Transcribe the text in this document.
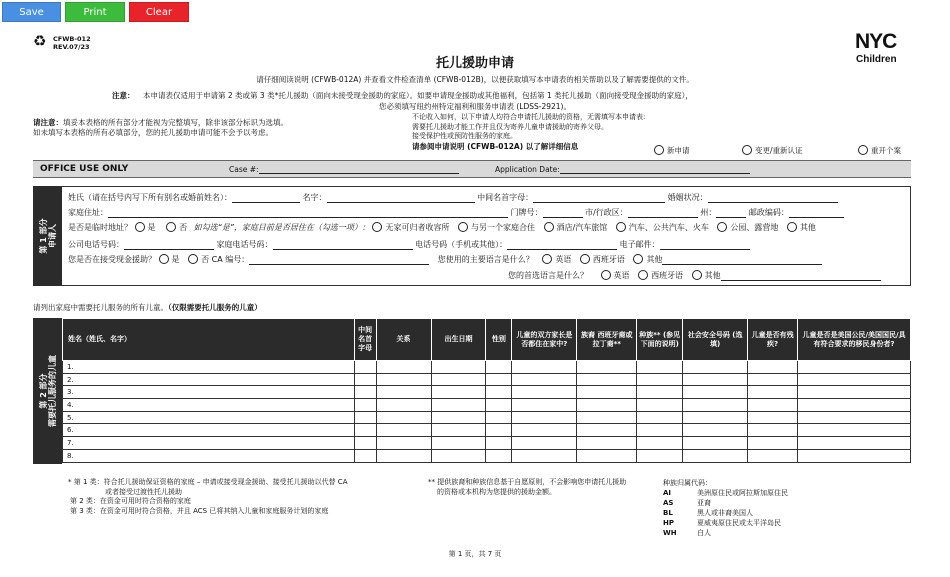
Save	Print	Clear
♻ CFWB-012
REV.07/23
托儿援助申请
NYC
Children
请仔细阅读说明 (CFWB-012A) 并查看文件检查清单 (CFWB-012B)，以便获取填写本申请表的相关帮助以及了解需要提供的文件。
注意： 本申请表仅适用于申请第 2 类或第 3 类*托儿援助（面向未接受现金援助的家庭）。如要申请现金援助或其他福利，包括第 1 类托儿援助（面向接受现金援助的家庭），
您必须填写纽约州特定福利和服务申请表 (LDSS-2921)。
请注意：填妥本表格的所有部分才能视为完整填写，除非该部分标识为选填。
如未填写本表格的所有必填部分，您的托儿援助申请可能不会予以考虑。
不论收入如何，以下申请人均符合申请托儿援助的资格，无需填写本申请表:
需要托儿援助才能工作并且仅为寄养儿童申请援助的寄养父母。
接受保护性或预防性服务的家庭。
请参阅申请说明 (CFWB-012A) 以了解详细信息	新申请	变更/重新认证	重开个案
OFFICE USE ONLY	Case #:	Application Date:
第 1 部分
申请人
姓氏（请在括号内写下所有别名或婚前姓名）：	名字：	中间名首字母：	婚姻状况：
家庭住址：	门牌号：	市/行政区：	州：	邮政编码：
是否是临时地址？ 是	否 如勾选“是”，家庭目前是否居住在（勾选一项）： 无家可归者收容所	与另一个家庭合住	酒店/汽车旅馆	汽车、公共汽车、火车	公园、露营地	其他
公司电话号码：	家庭电话号码：	电话号码（手机或其他）：	电子邮件：
您是否在接受现金援助？ 是	否 CA 编号：	您使用的主要语言是什么？	英语	西班牙语	其他
您的首选语言是什么？	英语	西班牙语	其他
请列出家庭中需要托儿服务的所有儿童。（仅限需要托儿服务的儿童）
第 2 部分
需要托儿服务的儿童
姓名（姓氏、名字）	中间名首字母	关系	出生日期	性别	儿童的双方家长是否都住在家中?	族裔 西班牙裔或拉丁裔**	种族** (参见下面的说明)	社会安全号码 (选填)	儿童是否有残疾?	儿童是否是美国公民/美国国民/具有符合要求的移民身份者?
1.										
2.										
3.										
4.										
5.										
6.										
7.										
8.										
* 第 1 类：符合托儿援助保证资格的家庭 – 申请或接受现金援助、接受托儿援助以代替 CA
或者接受过渡性托儿援助
第 2 类：在资金可用时符合资格的家庭
第 3 类：在资金可用时符合资格，并且 ACS 已将其纳入儿童和家庭服务计划的家庭
** 提供族裔和种族信息基于自愿原则，不会影响您申请托儿援助
的资格或本机构为您提供的援助金额。
种族归属代码：
AI	美洲原住民或阿拉斯加原住民
AS	亚裔
BL	黑人或非裔美国人
HP	夏威夷原住民或太平洋岛民
WH	白人
第 1 页，共 7 页
